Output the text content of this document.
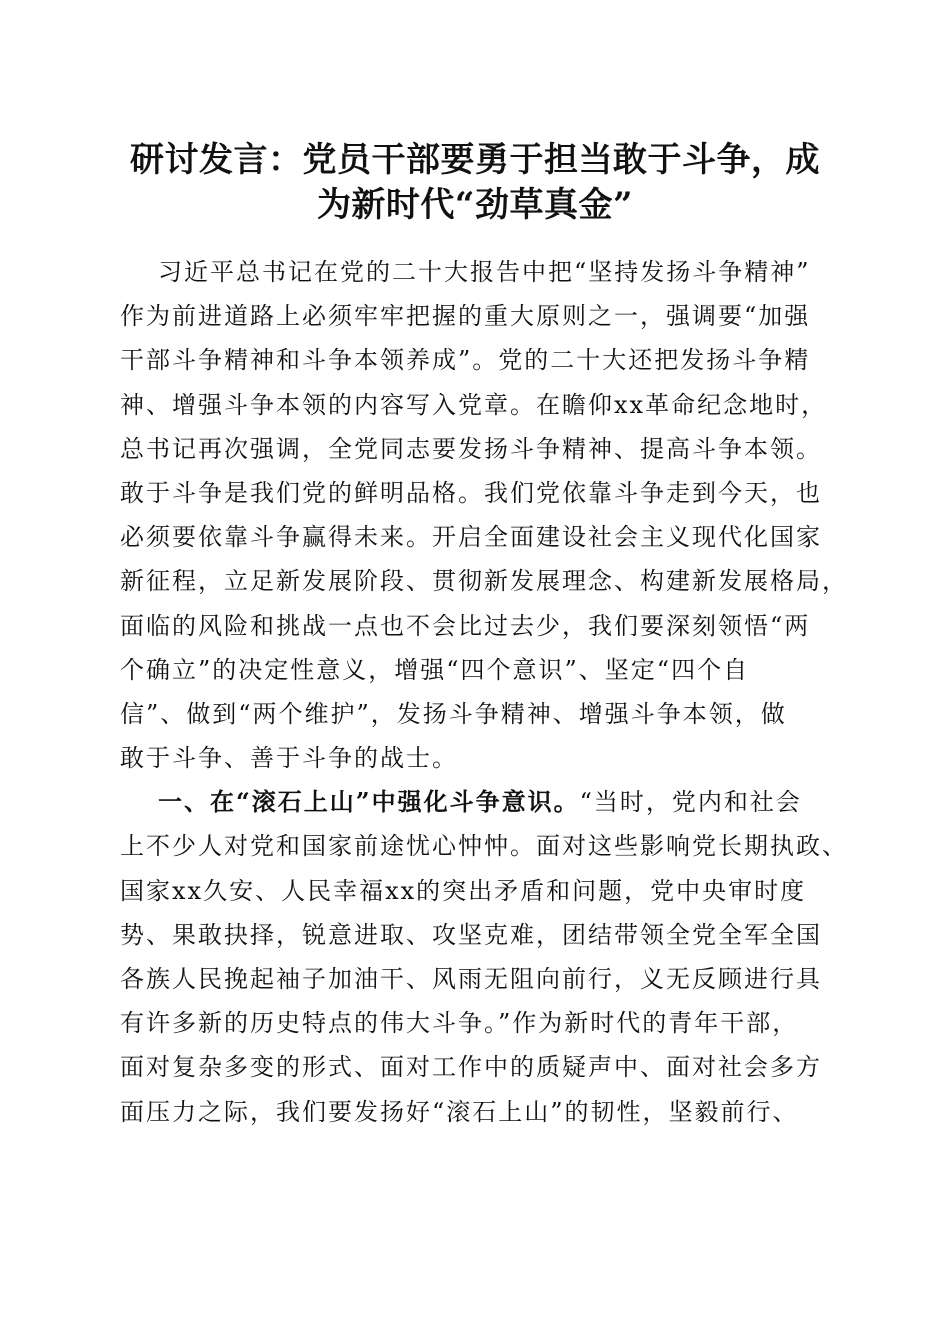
研讨发言：党员干部要勇于担当敢于斗争，成
为新时代“劲草真金”
习近平总书记在党的二十大报告中把“坚持发扬斗争精神”
作为前进道路上必须牢牢把握的重大原则之一，强调要“加强
干部斗争精神和斗争本领养成”。党的二十大还把发扬斗争精
神、增强斗争本领的内容写入党章。在瞻仰xx革命纪念地时，
总书记再次强调，全党同志要发扬斗争精神、提高斗争本领。
敢于斗争是我们党的鲜明品格。我们党依靠斗争走到今天，也
必须要依靠斗争赢得未来。开启全面建设社会主义现代化国家
新征程，立足新发展阶段、贯彻新发展理念、构建新发展格局，
面临的风险和挑战一点也不会比过去少，我们要深刻领悟“两
个确立”的决定性意义，增强“四个意识”、坚定“四个自
信”、做到“两个维护”，发扬斗争精神、增强斗争本领，做
敢于斗争、善于斗争的战士。
一、在“滚石上山”中强化斗争意识。“当时，党内和社会
上不少人对党和国家前途忧心忡忡。面对这些影响党长期执政、
国家xx久安、人民幸福xx的突出矛盾和问题，党中央审时度
势、果敢抉择，锐意进取、攻坚克难，团结带领全党全军全国
各族人民挽起袖子加油干、风雨无阻向前行，义无反顾进行具
有许多新的历史特点的伟大斗争。”作为新时代的青年干部，
面对复杂多变的形式、面对工作中的质疑声中、面对社会多方
面压力之际，我们要发扬好“滚石上山”的韧性，坚毅前行、
